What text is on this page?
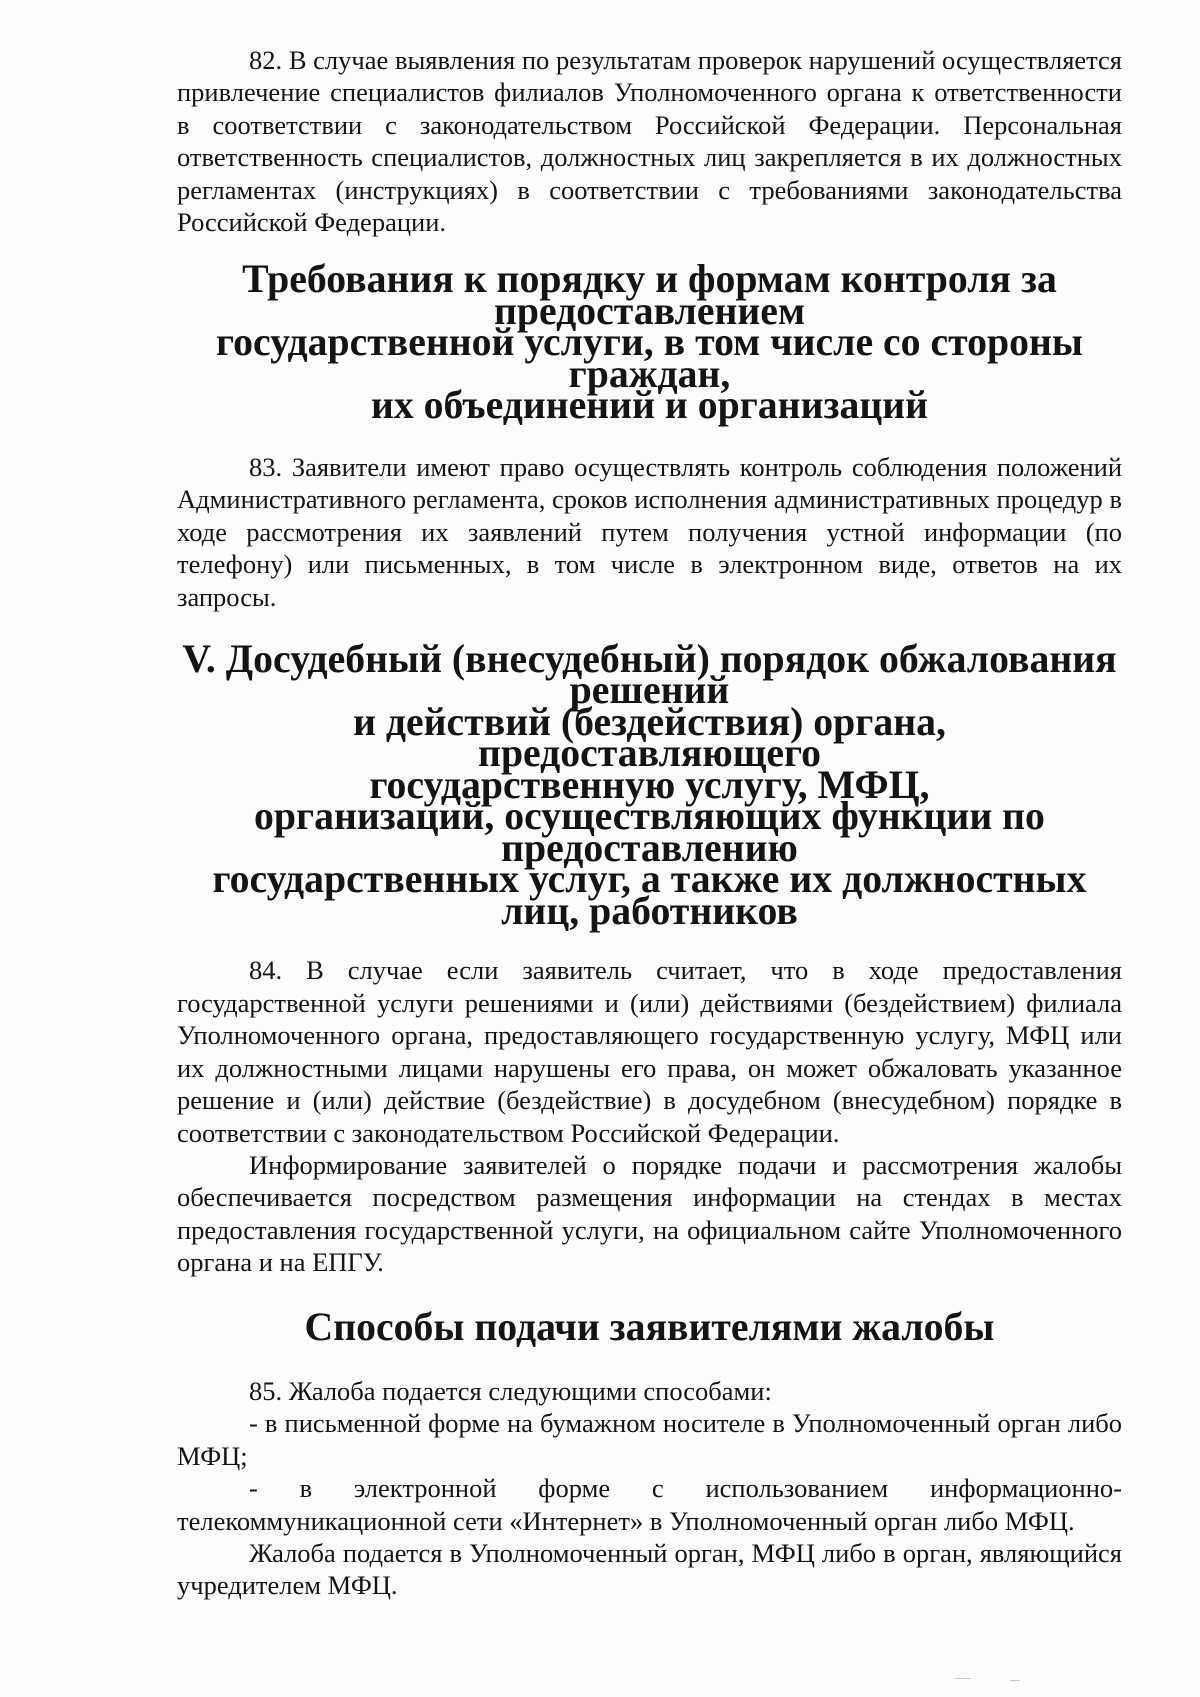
82. В случае выявления по результатам проверок нарушений осуществляется привлечение специалистов филиалов Уполномоченного органа к ответственности в соответствии с законодательством Российской Федерации. Персональная ответственность специалистов, должностных лиц закрепляется в их должностных регламентах (инструкциях) в соответствии с требованиями законодательства Российской Федерации.

Требования к порядку и формам контроля за предоставлением
государственной услуги, в том числе со стороны граждан,
их объединений и организаций

83. Заявители имеют право осуществлять контроль соблюдения положений Административного регламента, сроков исполнения административных процедур в ходе рассмотрения их заявлений путем получения устной информации (по телефону) или письменных, в том числе в электронном виде, ответов на их запросы.

V. Досудебный (внесудебный) порядок обжалования решений
и действий (бездействия) органа, предоставляющего
государственную услугу, МФЦ,
организаций, осуществляющих функции по предоставлению
государственных услуг, а также их должностных лиц, работников

84. В случае если заявитель считает, что в ходе предоставления государственной услуги решениями и (или) действиями (бездействием) филиала Уполномоченного органа, предоставляющего государственную услугу, МФЦ или их должностными лицами нарушены его права, он может обжаловать указанное решение и (или) действие (бездействие) в досудебном (внесудебном) порядке в соответствии с законодательством Российской Федерации.

Информирование заявителей о порядке подачи и рассмотрения жалобы обеспечивается посредством размещения информации на стендах в местах предоставления государственной услуги, на официальном сайте Уполномоченного органа и на ЕПГУ.

Способы подачи заявителями жалобы

85. Жалоба подается следующими способами:

- в письменной форме на бумажном носителе в Уполномоченный орган либо МФЦ;

- в электронной форме с использованием информационно-телекоммуникационной сети «Интернет» в Уполномоченный орган либо МФЦ.

Жалоба подается в Уполномоченный орган, МФЦ либо в орган, являющийся учредителем МФЦ.
